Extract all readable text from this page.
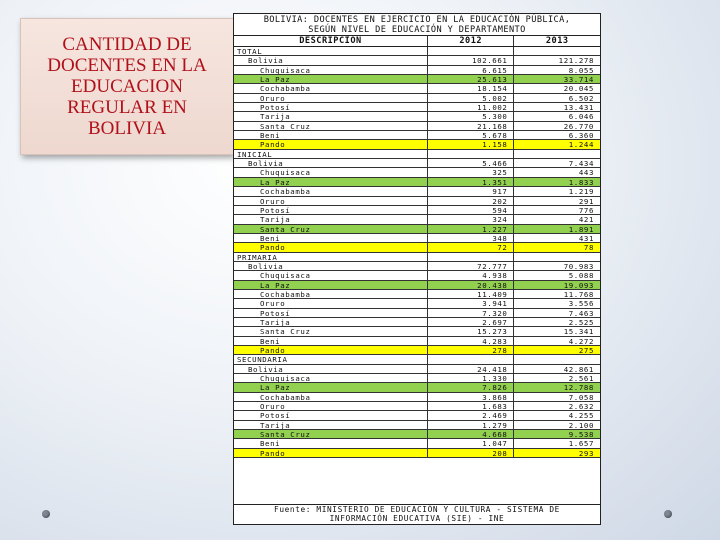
CANTIDAD DE DOCENTES EN LA EDUCACION REGULAR EN BOLIVIA
BOLIVIA: DOCENTES EN EJERCICIO EN LA EDUCACIÓN PÚBLICA,
SEGÚN NIVEL DE EDUCACIÓN Y DEPARTAMENTO
DESCRIPCION	2012	2013
TOTAL
Bolivia	102.661	121.278
Chuquisaca	6.615	8.055
La Paz	25.613	33.714
Cochabamba	18.154	20.045
Oruro	5.002	6.502
Potosí	11.002	13.431
Tarija	5.300	6.046
Santa Cruz	21.168	26.770
Beni	5.678	6.360
Pando	1.158	1.244
INICIAL
Bolivia	5.466	7.434
Chuquisaca	325	443
La Paz	1.351	1.833
Cochabamba	917	1.219
Oruro	202	291
Potosí	594	776
Tarija	324	421
Santa Cruz	1.227	1.891
Beni	348	431
Pando	72	78
PRIMARIA
Bolivia	72.777	70.983
Chuquisaca	4.938	5.088
La Paz	20.438	19.093
Cochabamba	11.409	11.768
Oruro	3.941	3.556
Potosí	7.320	7.463
Tarija	2.697	2.525
Santa Cruz	15.273	15.341
Beni	4.283	4.272
Pando	278	275
SECUNDARIA
Bolivia	24.418	42.861
Chuquisaca	1.330	2.561
La Paz	7.826	12.788
Cochabamba	3.868	7.058
Oruro	1.683	2.632
Potosí	2.469	4.255
Tarija	1.279	2.100
Santa Cruz	4.668	9.538
Beni	1.047	1.657
Pando	208	293
Fuente: MINISTERIO DE EDUCACIÓN Y CULTURA - SISTEMA DE
INFORMACIÓN EDUCATIVA (SIE) - INE
